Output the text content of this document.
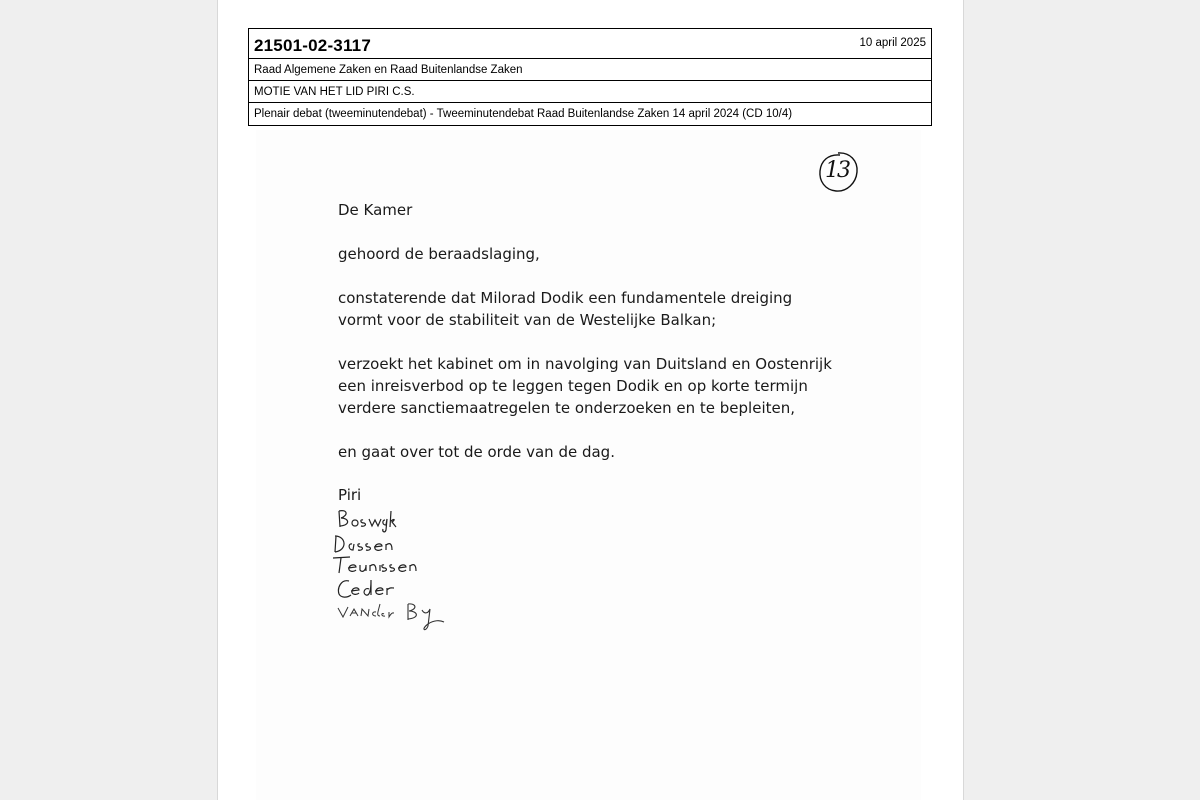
21501-02-3117	10 april 2025
Raad Algemene Zaken en Raad Buitenlandse Zaken
MOTIE VAN HET LID PIRI C.S.
Plenair debat (tweeminutendebat) - Tweeminutendebat Raad Buitenlandse Zaken 14 april 2024 (CD 10/4)
13

De Kamer

gehoord de beraadslaging,

constaterende dat Milorad Dodik een fundamentele dreiging

vormt voor de stabiliteit van de Westelijke Balkan;

verzoekt het kabinet om in navolging van Duitsland en Oostenrijk

een inreisverbod op te leggen tegen Dodik en op korte termijn

verdere sanctiemaatregelen te onderzoeken en te bepleiten,

en gaat over tot de orde van de dag.

Piri
